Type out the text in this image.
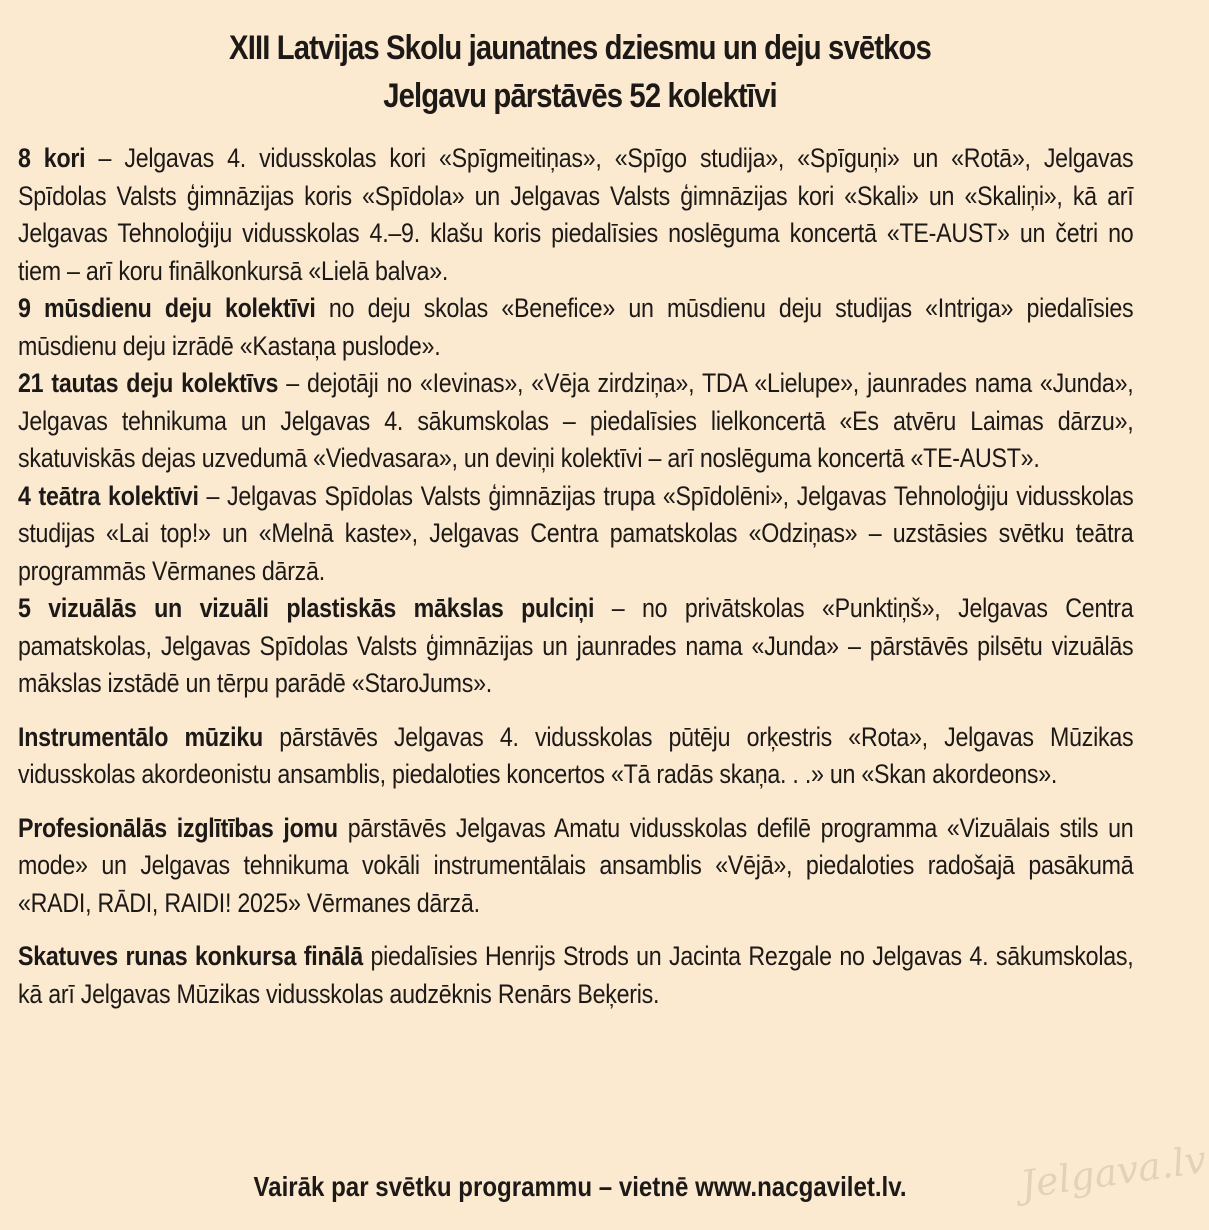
XIII Latvijas Skolu jaunatnes dziesmu un deju svētkos
Jelgavu pārstāvēs 52 kolektīvi

8 kori – Jelgavas 4. vidusskolas kori «Spīgmeitiņas», «Spīgo studija», «Spīguņi» un «Rotā», Jelgavas Spīdolas Valsts ģimnāzijas koris «Spīdola» un Jelgavas Valsts ģimnāzijas kori «Skali» un «Skaliņi», kā arī Jelgavas Tehnoloģiju vidusskolas 4.–9. klašu koris piedalīsies noslēguma koncertā «TE-AUST» un četri no tiem – arī koru finālkonkursā «Lielā balva».

9 mūsdienu deju kolektīvi no deju skolas «Benefice» un mūsdienu deju studijas «Intriga» piedalīsies mūsdienu deju izrādē «Kastaņa puslode».

21 tautas deju kolektīvs – dejotāji no «Ievinas», «Vēja zirdziņa», TDA «Lielupe», jaunrades nama «Junda», Jelgavas tehnikuma un Jelgavas 4. sākumskolas – piedalīsies lielkoncertā «Es atvēru Laimas dārzu», skatuviskās dejas uzvedumā «Viedvasara», un deviņi kolektīvi – arī noslēguma koncertā «TE-AUST».

4 teātra kolektīvi – Jelgavas Spīdolas Valsts ģimnāzijas trupa «Spīdolēni», Jelgavas Tehnoloģiju vidusskolas studijas «Lai top!» un «Melnā kaste», Jelgavas Centra pamatskolas «Odziņas» – uzstāsies svētku teātra programmās Vērmanes dārzā.

5 vizuālās un vizuāli plastiskās mākslas pulciņi – no privātskolas «Punktiņš», Jelgavas Centra pamatskolas, Jelgavas Spīdolas Valsts ģimnāzijas un jaunrades nama «Junda» – pārstāvēs pilsētu vizuālās mākslas izstādē un tērpu parādē «StaroJums».

Instrumentālo mūziku pārstāvēs Jelgavas 4. vidusskolas pūtēju orķestris «Rota», Jelgavas Mūzikas vidusskolas akordeonistu ansamblis, piedaloties koncertos «Tā radās skaņa. . .» un «Skan akordeons».

Profesionālās izglītības jomu pārstāvēs Jelgavas Amatu vidusskolas defilē programma «Vizuālais stils un mode» un Jelgavas tehnikuma vokāli instrumentālais ansamblis «Vējā», piedaloties radošajā pasākumā «RADI, RĀDI, RAIDI! 2025» Vērmanes dārzā.

Skatuves runas konkursa finālā piedalīsies Henrijs Strods un Jacinta Rezgale no Jelgavas 4. sākumskolas, kā arī Jelgavas Mūzikas vidusskolas audzēknis Renārs Beķeris.

Vairāk par svētku programmu – vietnē www.nacgavilet.lv.	Jelgava.lv
